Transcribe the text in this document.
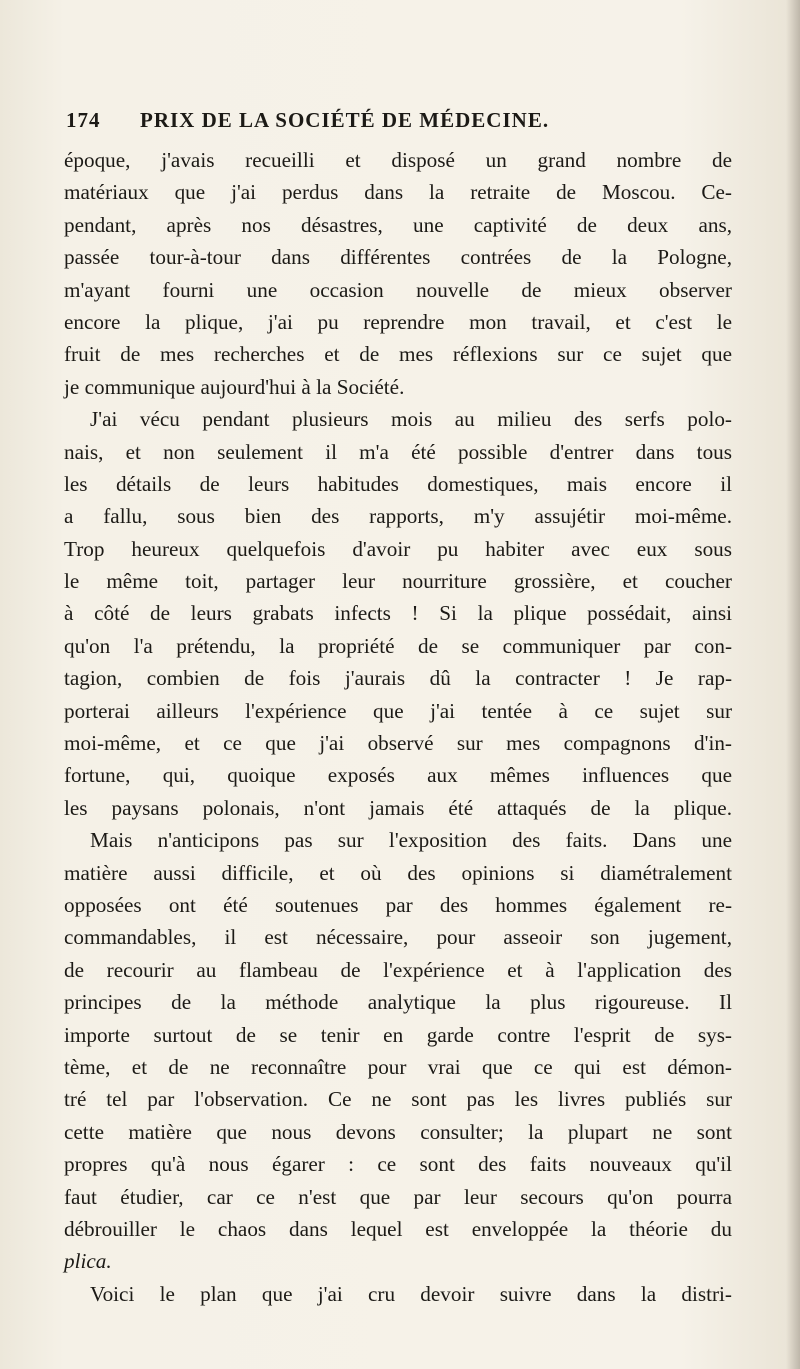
174	PRIX DE LA SOCIÉTÉ DE MÉDECINE.
époque, j'avais recueilli et disposé un grand nombre de
matériaux que j'ai perdus dans la retraite de Moscou. Ce-
pendant, après nos désastres, une captivité de deux ans,
passée tour-à-tour dans différentes contrées de la Pologne,
m'ayant fourni une occasion nouvelle de mieux observer
encore la plique, j'ai pu reprendre mon travail, et c'est le
fruit de mes recherches et de mes réflexions sur ce sujet que
je communique aujourd'hui à la Société.
J'ai vécu pendant plusieurs mois au milieu des serfs polo-
nais, et non seulement il m'a été possible d'entrer dans tous
les détails de leurs habitudes domestiques, mais encore il
a fallu, sous bien des rapports, m'y assujétir moi-même.
Trop heureux quelquefois d'avoir pu habiter avec eux sous
le même toit, partager leur nourriture grossière, et coucher
à côté de leurs grabats infects ! Si la plique possédait, ainsi
qu'on l'a prétendu, la propriété de se communiquer par con-
tagion, combien de fois j'aurais dû la contracter ! Je rap-
porterai ailleurs l'expérience que j'ai tentée à ce sujet sur
moi-même, et ce que j'ai observé sur mes compagnons d'in-
fortune, qui, quoique exposés aux mêmes influences que
les paysans polonais, n'ont jamais été attaqués de la plique.
Mais n'anticipons pas sur l'exposition des faits. Dans une
matière aussi difficile, et où des opinions si diamétralement
opposées ont été soutenues par des hommes également re-
commandables, il est nécessaire, pour asseoir son jugement,
de recourir au flambeau de l'expérience et à l'application des
principes de la méthode analytique la plus rigoureuse. Il
importe surtout de se tenir en garde contre l'esprit de sys-
tème, et de ne reconnaître pour vrai que ce qui est démon-
tré tel par l'observation. Ce ne sont pas les livres publiés sur
cette matière que nous devons consulter; la plupart ne sont
propres qu'à nous égarer : ce sont des faits nouveaux qu'il
faut étudier, car ce n'est que par leur secours qu'on pourra
débrouiller le chaos dans lequel est enveloppée la théorie du
plica.
Voici le plan que j'ai cru devoir suivre dans la distri-
